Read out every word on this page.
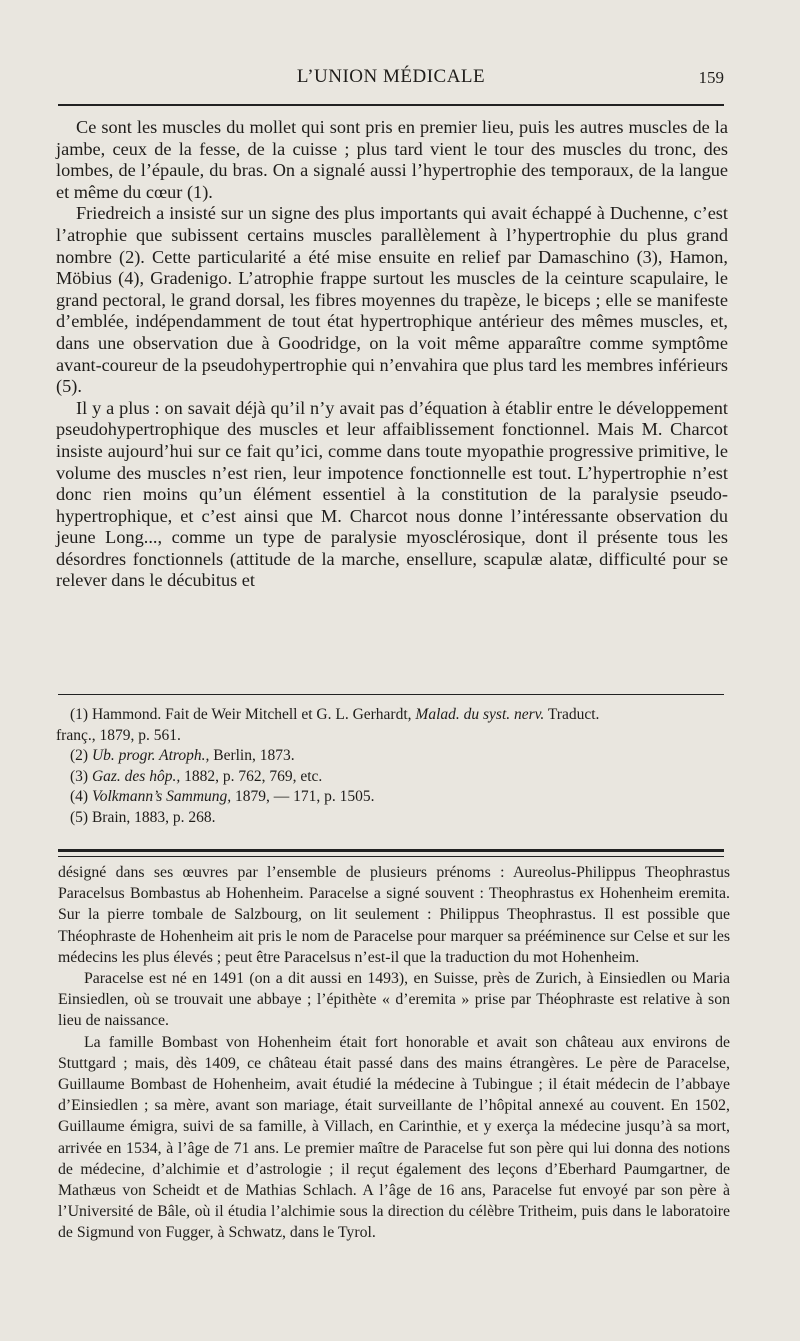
L’UNION MÉDICALE	159

Ce sont les muscles du mollet qui sont pris en premier lieu, puis les autres muscles de la jambe, ceux de la fesse, de la cuisse ; plus tard vient le tour des muscles du tronc, des lombes, de l’épaule, du bras. On a signalé aussi l’hypertrophie des temporaux, de la langue et même du cœur (1).

Friedreich a insisté sur un signe des plus importants qui avait échappé à Duchenne, c’est l’atrophie que subissent certains muscles parallèlement à l’hypertrophie du plus grand nombre (2). Cette particularité a été mise ensuite en relief par Damaschino (3), Hamon, Möbius (4), Gradenigo. L’atrophie frappe surtout les muscles de la ceinture scapulaire, le grand pectoral, le grand dorsal, les fibres moyennes du trapèze, le biceps ; elle se manifeste d’emblée, indépendamment de tout état hypertrophique antérieur des mêmes muscles, et, dans une observation due à Goodridge, on la voit même apparaître comme symptôme avant-coureur de la pseudohypertrophie qui n’envahira que plus tard les membres inférieurs (5).

Il y a plus : on savait déjà qu’il n’y avait pas d’équation à établir entre le développement pseudohypertrophique des muscles et leur affaiblissement fonctionnel. Mais M. Charcot insiste aujourd’hui sur ce fait qu’ici, comme dans toute myopathie progressive primitive, le volume des muscles n’est rien, leur impotence fonctionnelle est tout. L’hypertrophie n’est donc rien moins qu’un élément essentiel à la constitution de la paralysie pseudo-hypertrophique, et c’est ainsi que M. Charcot nous donne l’intéressante observation du jeune Long..., comme un type de paralysie myosclérosique, dont il présente tous les désordres fonctionnels (attitude de la marche, ensellure, scapulæ alatæ, difficulté pour se relever dans le décubitus et

(1) Hammond. Fait de Weir Mitchell et G. L. Gerhardt, Malad. du syst. nerv. Traduct.

franç., 1879, p. 561.

(2) Ub. progr. Atroph., Berlin, 1873.

(3) Gaz. des hôp., 1882, p. 762, 769, etc.

(4) Volkmann’s Sammung, 1879, — 171, p. 1505.

(5) Brain, 1883, p. 268.

désigné dans ses œuvres par l’ensemble de plusieurs prénoms : Aureolus-Philippus Theophrastus Paracelsus Bombastus ab Hohenheim. Paracelse a signé souvent : Theophrastus ex Hohenheim eremita. Sur la pierre tombale de Salzbourg, on lit seulement : Philippus Theophrastus. Il est possible que Théophraste de Hohenheim ait pris le nom de Paracelse pour marquer sa prééminence sur Celse et sur les médecins les plus élevés ; peut être Paracelsus n’est-il que la traduction du mot Hohenheim.

Paracelse est né en 1491 (on a dit aussi en 1493), en Suisse, près de Zurich, à Einsiedlen ou Maria Einsiedlen, où se trouvait une abbaye ; l’épithète « d’eremita » prise par Théophraste est relative à son lieu de naissance.

La famille Bombast von Hohenheim était fort honorable et avait son château aux environs de Stuttgard ; mais, dès 1409, ce château était passé dans des mains étrangères. Le père de Paracelse, Guillaume Bombast de Hohenheim, avait étudié la médecine à Tubingue ; il était médecin de l’abbaye d’Einsiedlen ; sa mère, avant son mariage, était surveillante de l’hôpital annexé au couvent. En 1502, Guillaume émigra, suivi de sa famille, à Villach, en Carinthie, et y exerça la médecine jusqu’à sa mort, arrivée en 1534, à l’âge de 71 ans. Le premier maître de Paracelse fut son père qui lui donna des notions de médecine, d’alchimie et d’astrologie ; il reçut également des leçons d’Eberhard Paumgartner, de Mathæus von Scheidt et de Mathias Schlach. A l’âge de 16 ans, Paracelse fut envoyé par son père à l’Université de Bâle, où il étudia l’alchimie sous la direction du célèbre Tritheim, puis dans le laboratoire de Sigmund von Fugger, à Schwatz, dans le Tyrol.
